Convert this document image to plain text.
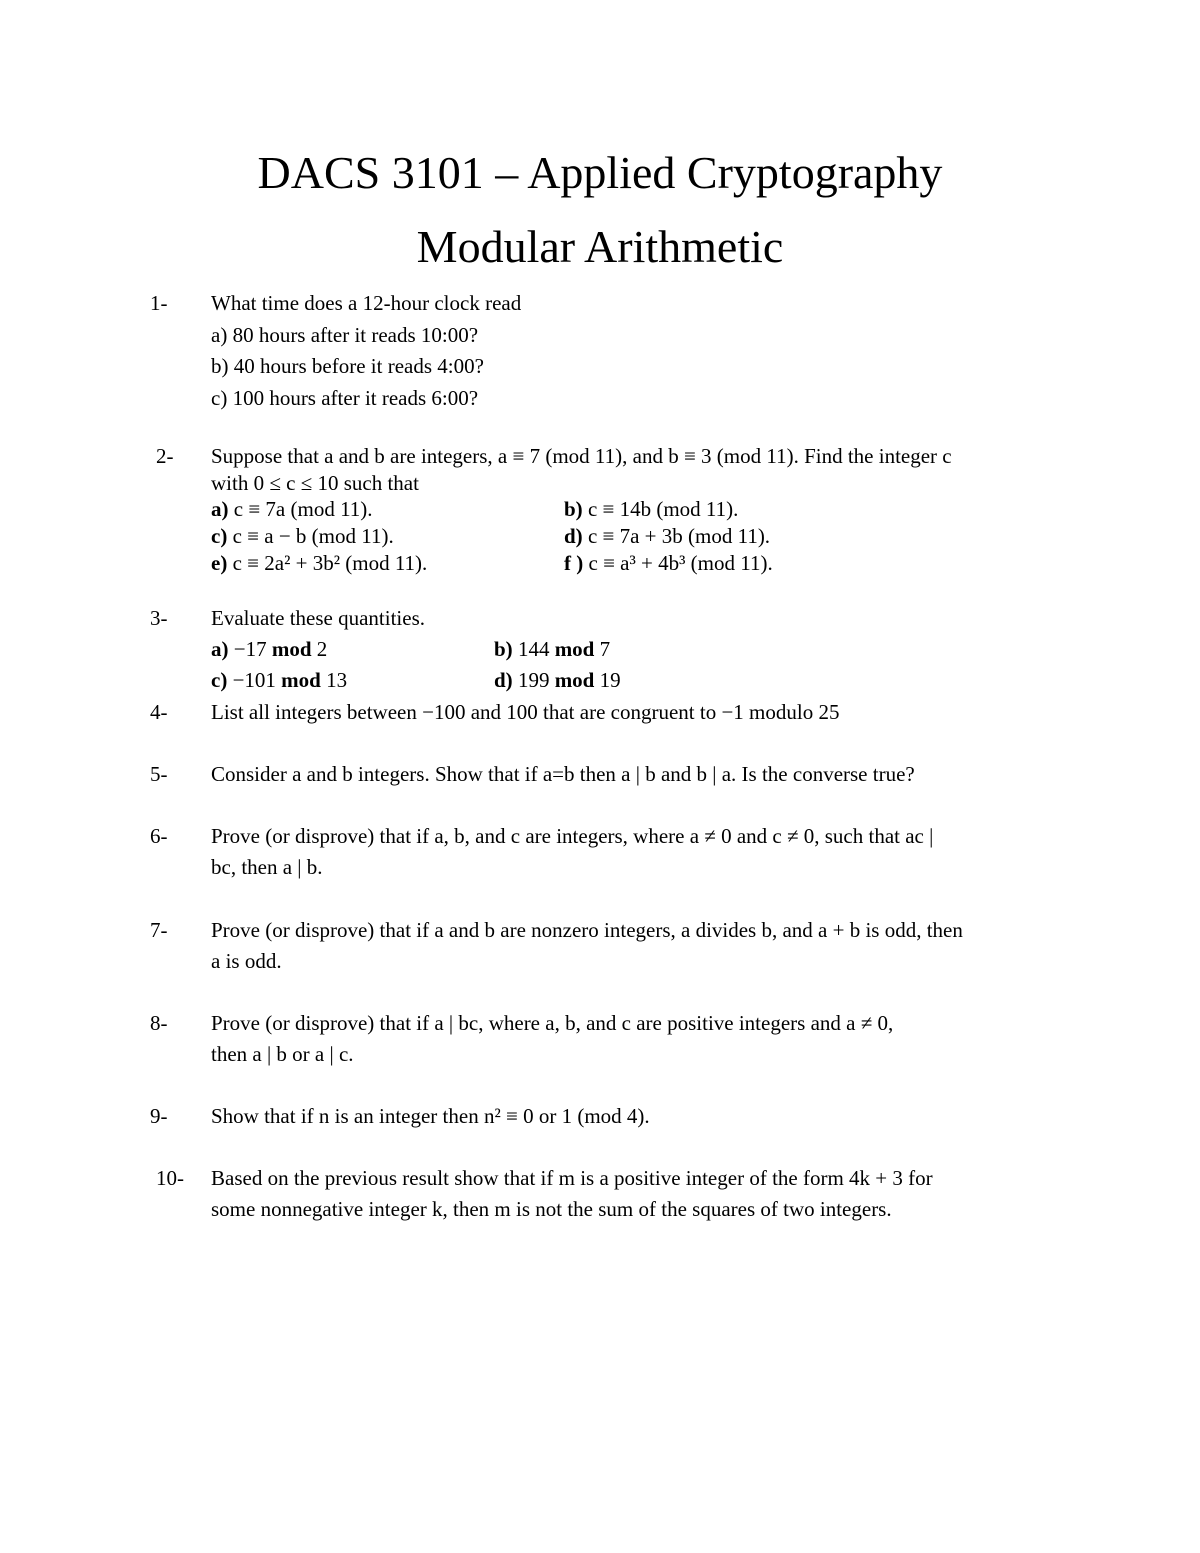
DACS 3101 – Applied Cryptography
Modular Arithmetic
1- What time does a 12-hour clock read
a) 80 hours after it reads 10:00?
b) 40 hours before it reads 4:00?
c) 100 hours after it reads 6:00?
2- Suppose that a and b are integers, a ≡ 7 (mod 11), and b ≡ 3 (mod 11). Find the integer c
with 0 ≤ c ≤ 10 such that
a) c ≡ 7a (mod 11).	b) c ≡ 14b (mod 11).
c) c ≡ a − b (mod 11).	d) c ≡ 7a + 3b (mod 11).
e) c ≡ 2a² + 3b² (mod 11).	f ) c ≡ a³ + 4b³ (mod 11).
3- Evaluate these quantities.
a) −17 mod 2	b) 144 mod 7
c) −101 mod 13	d) 199 mod 19
4- List all integers between −100 and 100 that are congruent to −1 modulo 25
5- Consider a and b integers. Show that if a=b then a | b and b | a. Is the converse true?
6- Prove (or disprove) that if a, b, and c are integers, where a ≠ 0 and c ≠ 0, such that ac |
bc, then a | b.
7- Prove (or disprove) that if a and b are nonzero integers, a divides b, and a + b is odd, then
a is odd.
8- Prove (or disprove) that if a | bc, where a, b, and c are positive integers and a ≠ 0,
then a | b or a | c.
9- Show that if n is an integer then n² ≡ 0 or 1 (mod 4).
10- Based on the previous result show that if m is a positive integer of the form 4k + 3 for
some nonnegative integer k, then m is not the sum of the squares of two integers.
